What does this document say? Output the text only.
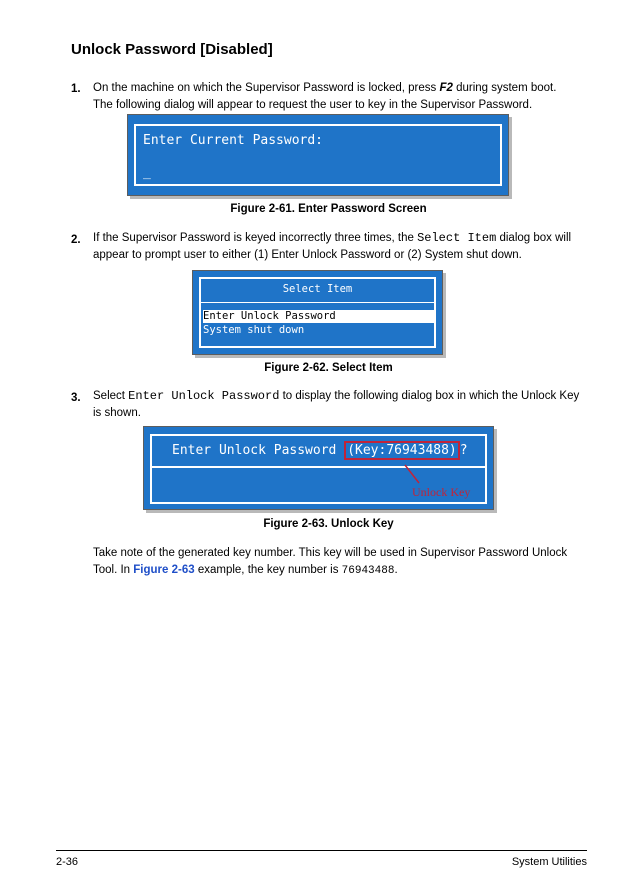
Unlock Password [Disabled]
1. On the machine on which the Supervisor Password is locked, press F2 during system boot.
The following dialog will appear to request the user to key in the Supervisor Password.
Enter Current Password:
_
Figure 2-61. Enter Password Screen
2. If the Supervisor Password is keyed incorrectly three times, the Select Item dialog box will
appear to prompt user to either (1) Enter Unlock Password or (2) System shut down.
Select Item
Enter Unlock Password
System shut down
Figure 2-62. Select Item
3. Select Enter Unlock Password to display the following dialog box in which the Unlock Key
is shown.
Enter Unlock Password (Key:76943488) ?
Unlock Key
Figure 2-63. Unlock Key
Take note of the generated key number. This key will be used in Supervisor Password Unlock
Tool. In Figure 2-63 example, the key number is 76943488.
2-36	System Utilities
